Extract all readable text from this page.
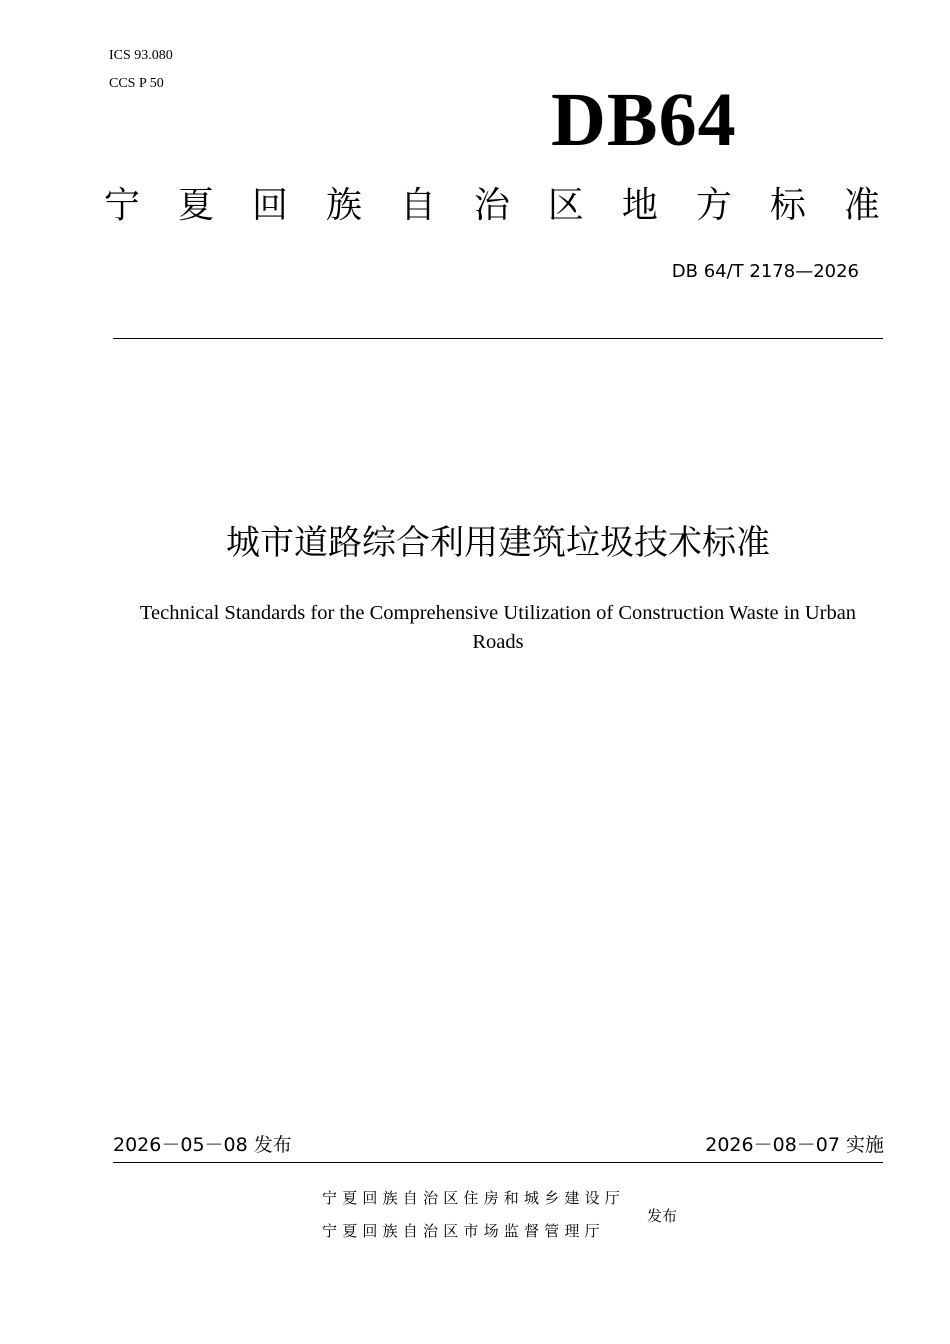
ICS 93.080
CCS P 50	DB64
宁 夏 回 族 自 治 区 地 方 标 准
DB 64/T 2178—2026
城市道路综合利用建筑垃圾技术标准
Technical Standards for the Comprehensive Utilization of Construction Waste in Urban Roads
2026－05－08 发布	2026－08－07 实施
宁夏回族自治区住房和城乡建设厅
宁夏回族自治区市场监督管理厅
发布
